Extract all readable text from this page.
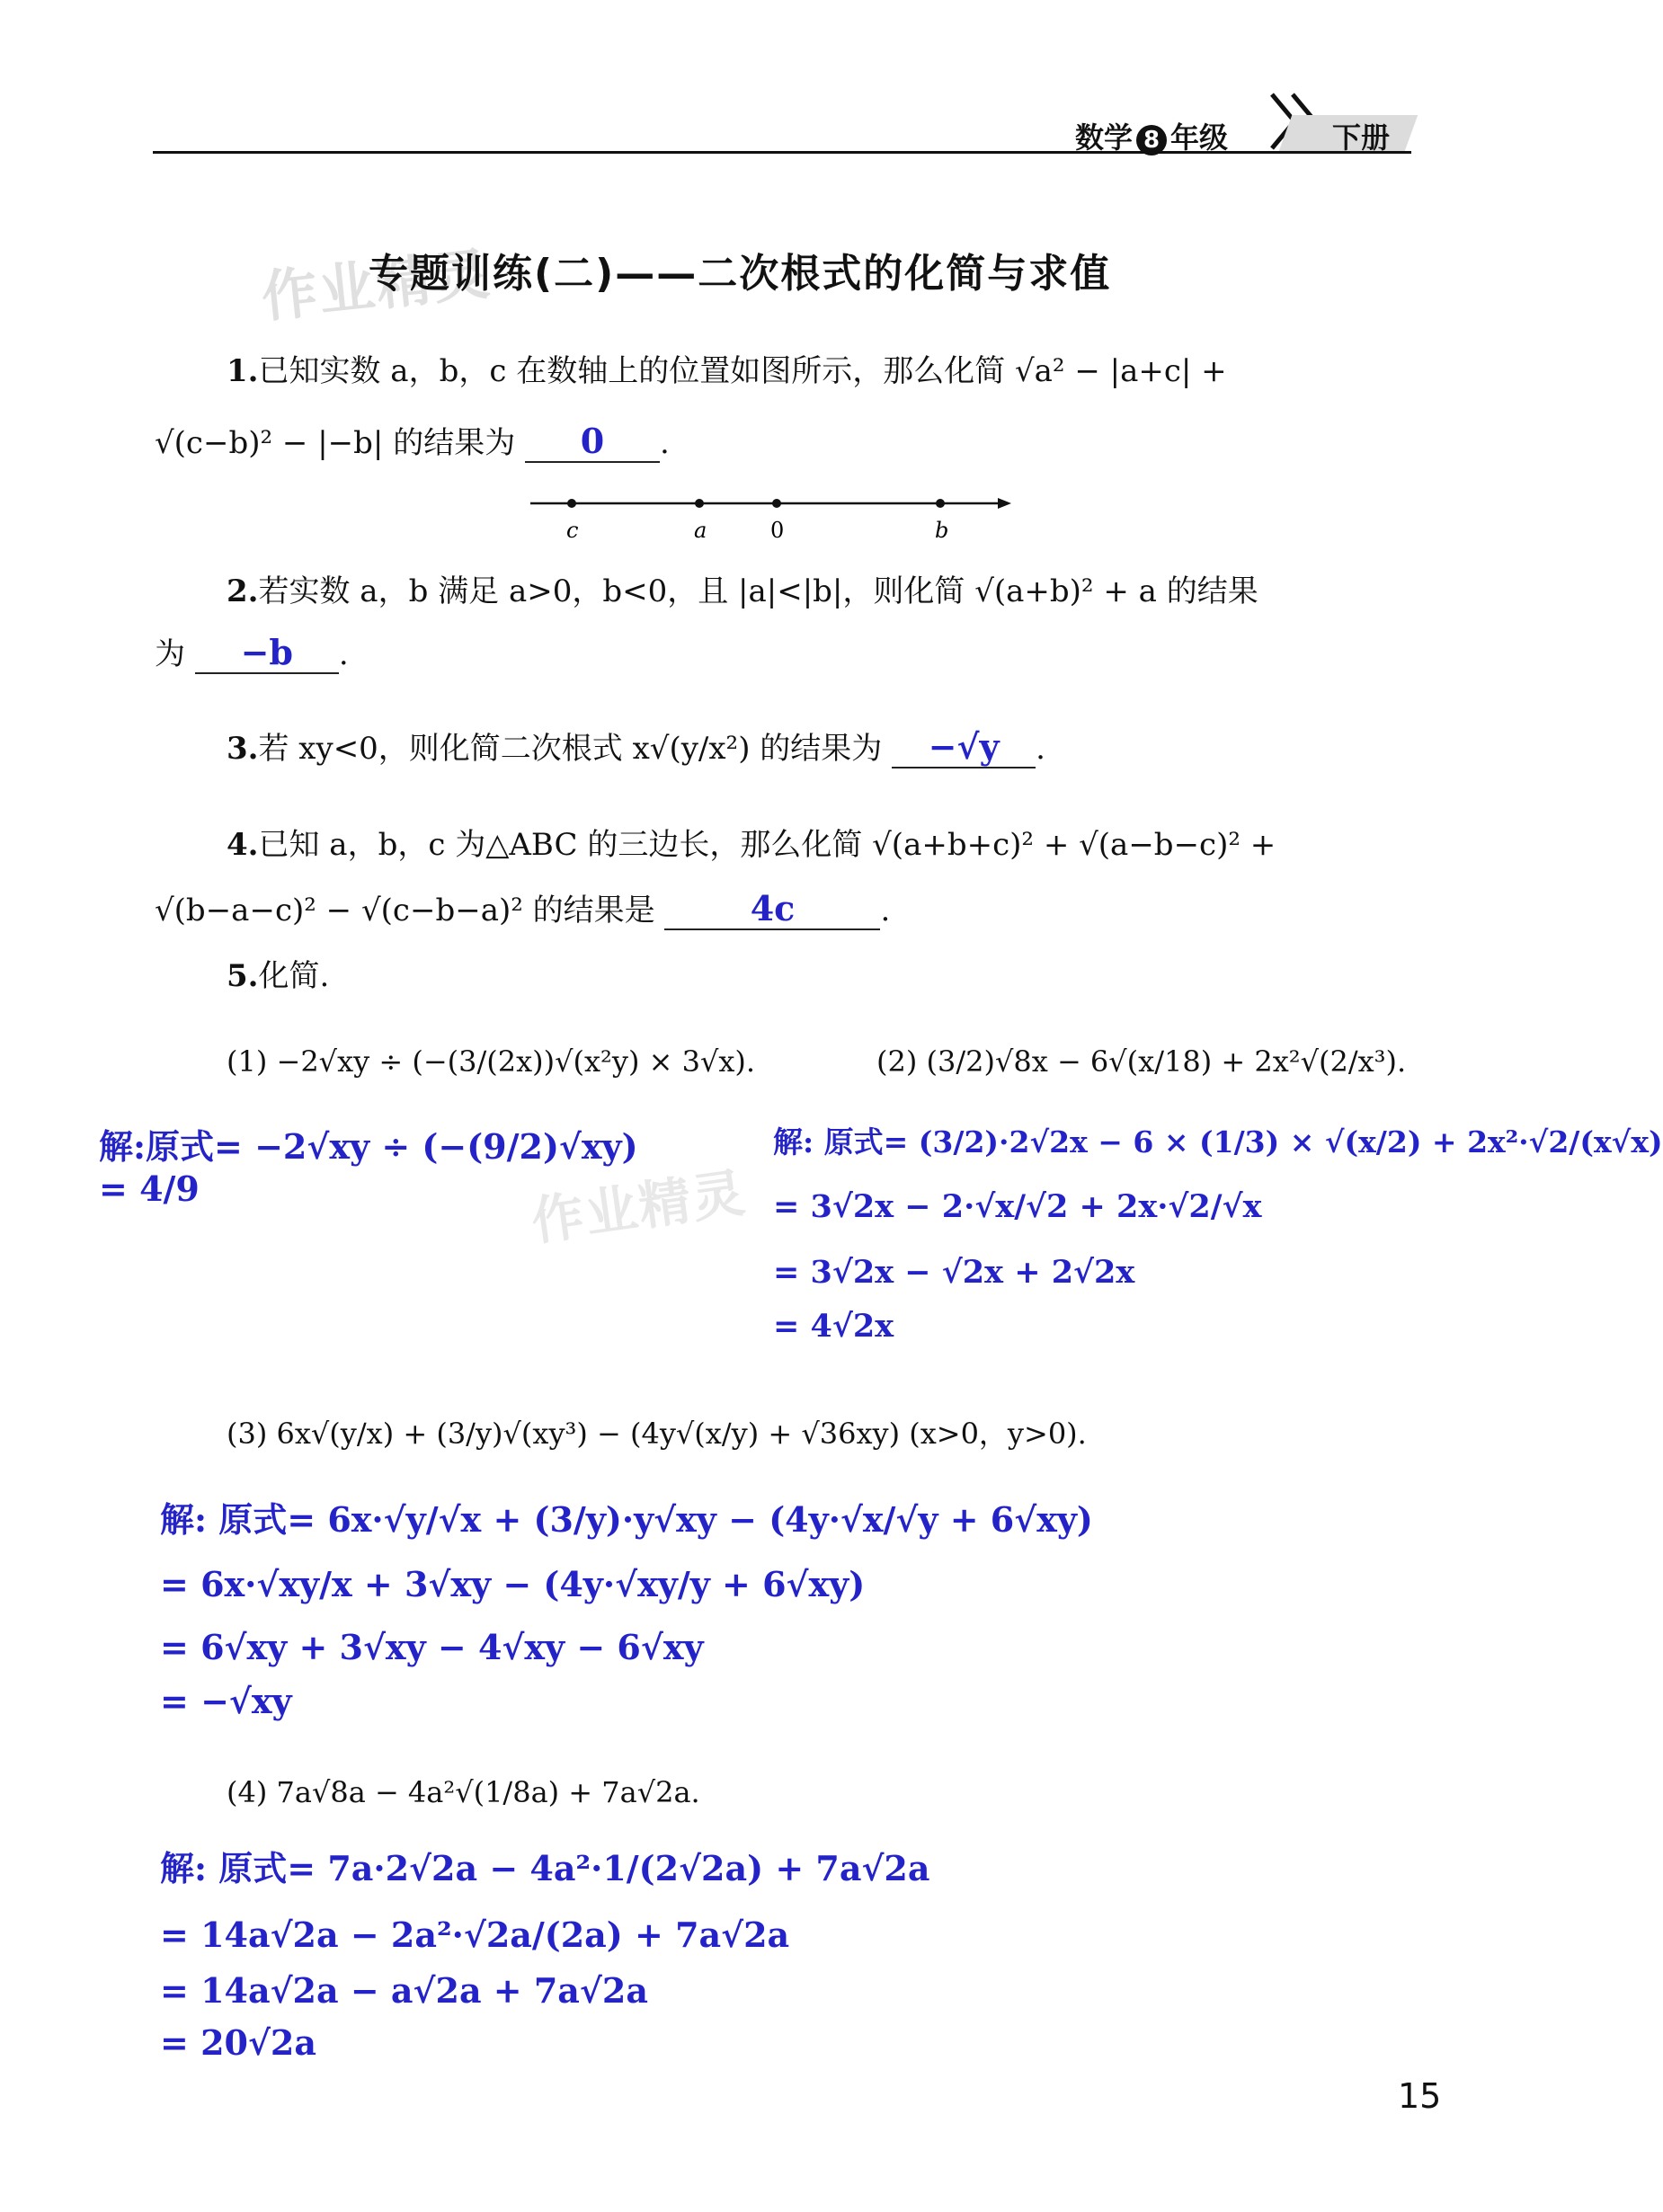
数学 8 年级	下册
作业精灵
作业精灵
专题训练(二)——二次根式的化简与求值
1.已知实数 a，b，c 在数轴上的位置如图所示，那么化简 √a² − |a+c| +
√(c−b)² − |−b| 的结果为 0 .
c	a	0	b
2.若实数 a，b 满足 a>0，b<0，且 |a|<|b|，则化简 √(a+b)² + a 的结果
为 −b .
3.若 xy<0，则化简二次根式 x√(y/x²) 的结果为 −√y .
4.已知 a，b，c 为△ABC 的三边长，那么化简 √(a+b+c)² + √(a−b−c)² +
√(b−a−c)² − √(c−b−a)² 的结果是	4c	.
5.化简.
(1) −2√xy ÷ (−(3/(2x))√(x²y) × 3√x).
解:原式= −2√xy ÷ (−(9/2)√xy)
= 4/9
(2) (3/2)√8x − 6√(x/18) + 2x²√(2/x³).
解: 原式= (3/2)·2√2x − 6 × (1/3) × √(x/2) + 2x²·√2/(x√x)
= 3√2x − 2·√x/√2 + 2x·√2/√x
= 3√2x − √2x + 2√2x
= 4√2x
(3) 6x√(y/x) + (3/y)√(xy³) − (4y√(x/y) + √36xy) (x>0，y>0).
解: 原式= 6x·√y/√x + (3/y)·y√xy − (4y·√x/√y + 6√xy)
= 6x·√xy/x + 3√xy − (4y·√xy/y + 6√xy)
= 6√xy + 3√xy − 4√xy − 6√xy
= −√xy
(4) 7a√8a − 4a²√(1/8a) + 7a√2a.
解: 原式= 7a·2√2a − 4a²·1/(2√2a) + 7a√2a
= 14a√2a − 2a²·√2a/(2a) + 7a√2a
= 14a√2a − a√2a + 7a√2a
= 20√2a
15
